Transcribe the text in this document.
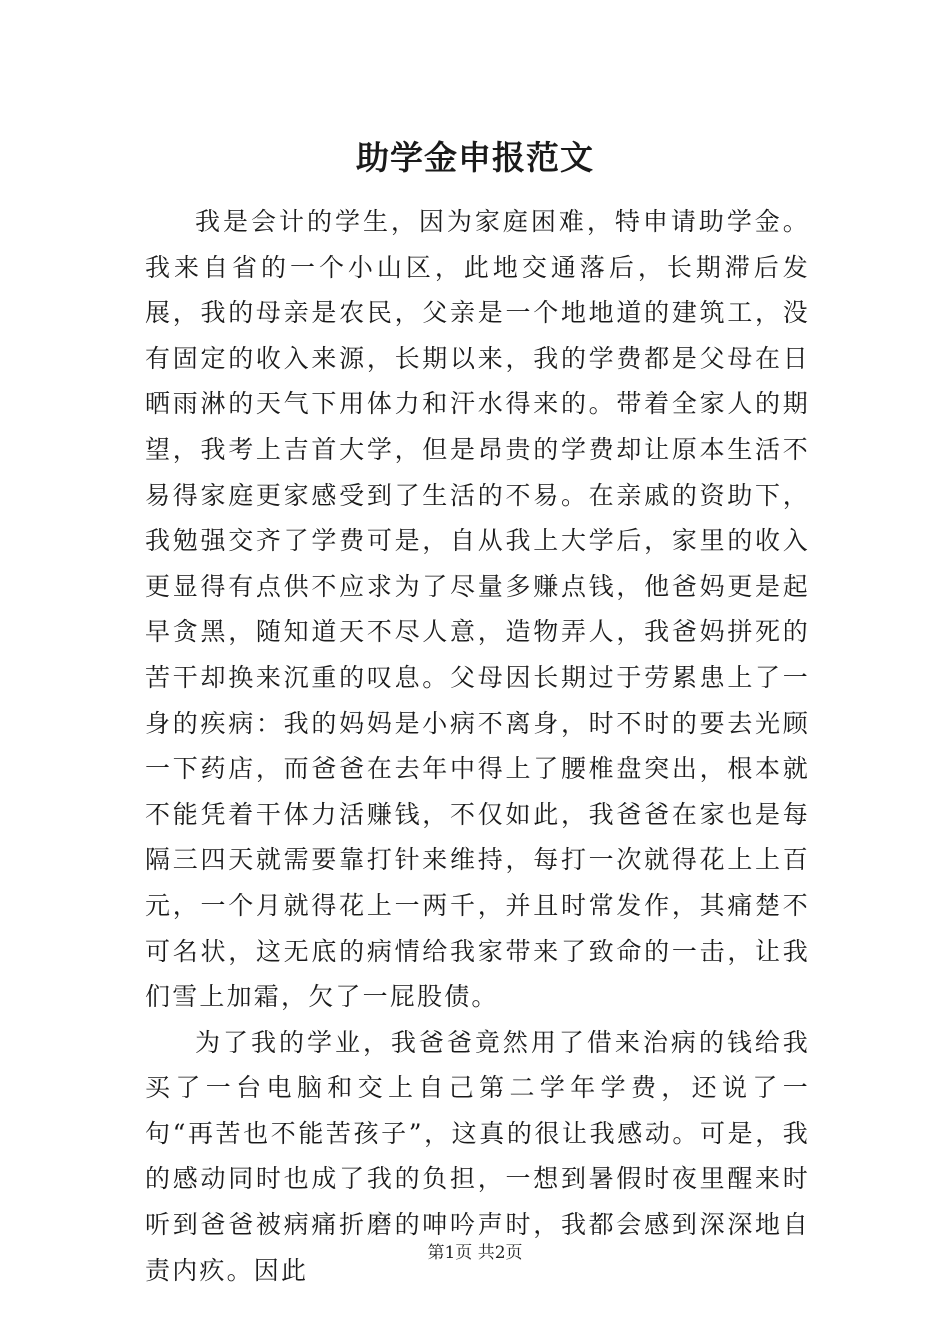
助学金申报范文

我是会计的学生，因为家庭困难，特申请助学金。我来自省的一个小山区，此地交通落后，长期滞后发展，我的母亲是农民，父亲是一个地地道的建筑工，没有固定的收入来源，长期以来，我的学费都是父母在日晒雨淋的天气下用体力和汗水得来的。带着全家人的期望，我考上吉首大学，但是昂贵的学费却让原本生活不易得家庭更家感受到了生活的不易。在亲戚的资助下，我勉强交齐了学费可是，自从我上大学后，家里的收入更显得有点供不应求为了尽量多赚点钱，他爸妈更是起早贪黑，随知道天不尽人意，造物弄人，我爸妈拼死的苦干却换来沉重的叹息。父母因长期过于劳累患上了一身的疾病：我的妈妈是小病不离身，时不时的要去光顾一下药店，而爸爸在去年中得上了腰椎盘突出，根本就不能凭着干体力活赚钱，不仅如此，我爸爸在家也是每隔三四天就需要靠打针来维持，每打一次就得花上上百元，一个月就得花上一两千，并且时常发作，其痛楚不可名状，这无底的病情给我家带来了致命的一击，让我们雪上加霜，欠了一屁股债。

为了我的学业，我爸爸竟然用了借来治病的钱给我买了一台电脑和交上自己第二学年学费，还说了一句“再苦也不能苦孩子”，这真的很让我感动。可是，我的感动同时也成了我的负担，一想到暑假时夜里醒来时听到爸爸被病痛折磨的呻吟声时，我都会感到深深地自责内疚。因此

第1页 共2页
